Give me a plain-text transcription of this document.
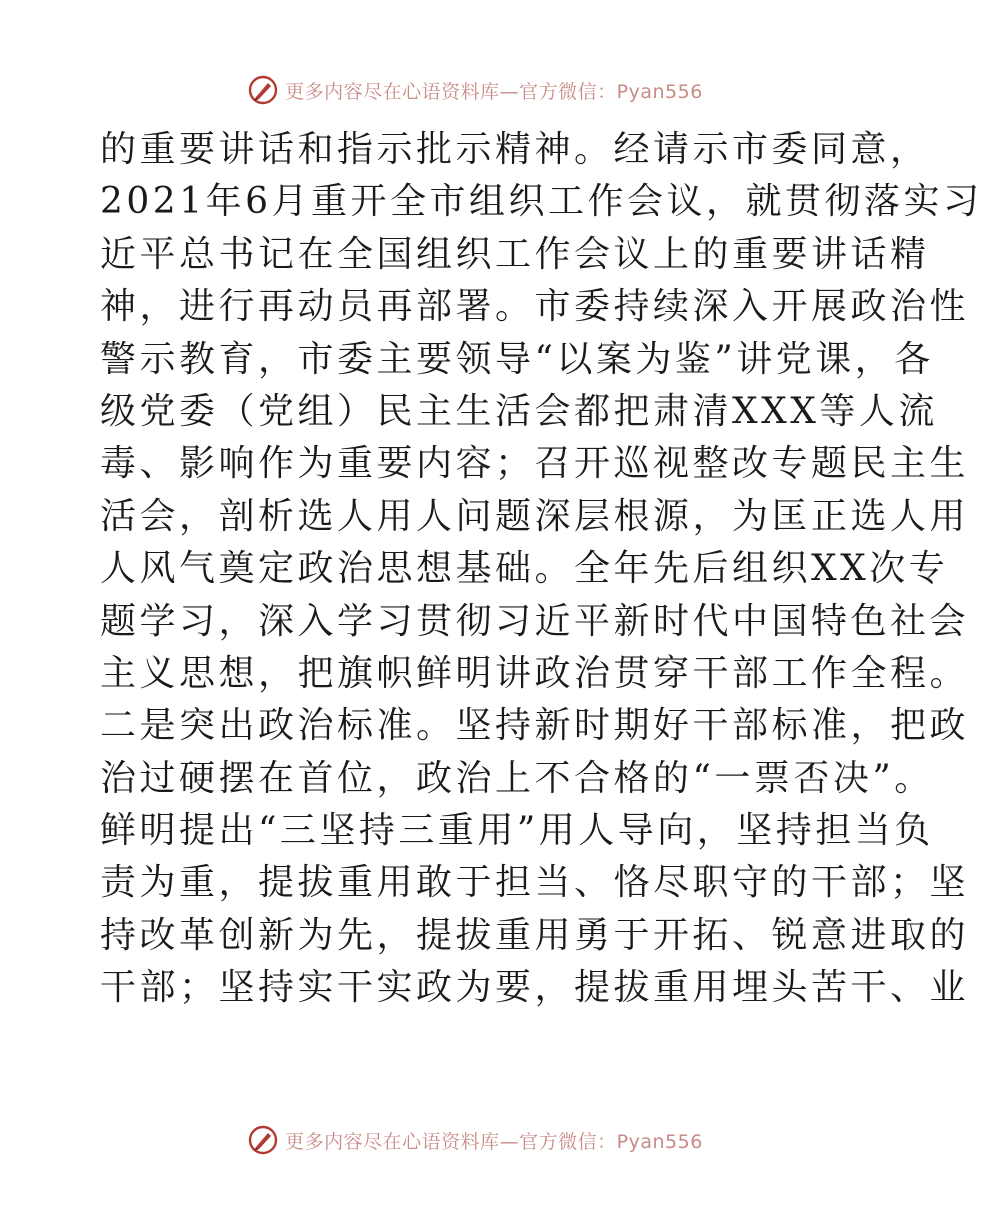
更多内容尽在心语资料库—官方微信：Pyan556
的重要讲话和指示批示精神。经请示市委同意，
2021年6月重开全市组织工作会议，就贯彻落实习
近平总书记在全国组织工作会议上的重要讲话精
神，进行再动员再部署。市委持续深入开展政治性
警示教育，市委主要领导“以案为鉴”讲党课，各
级党委（党组）民主生活会都把肃清XXX等人流
毒、影响作为重要内容；召开巡视整改专题民主生
活会，剖析选人用人问题深层根源，为匡正选人用
人风气奠定政治思想基础。全年先后组织XX次专
题学习，深入学习贯彻习近平新时代中国特色社会
主义思想，把旗帜鲜明讲政治贯穿干部工作全程。
二是突出政治标准。坚持新时期好干部标准，把政
治过硬摆在首位，政治上不合格的“一票否决”。
鲜明提出“三坚持三重用”用人导向，坚持担当负
责为重，提拔重用敢于担当、恪尽职守的干部；坚
持改革创新为先，提拔重用勇于开拓、锐意进取的
干部；坚持实干实政为要，提拔重用埋头苦干、业
更多内容尽在心语资料库—官方微信：Pyan556
